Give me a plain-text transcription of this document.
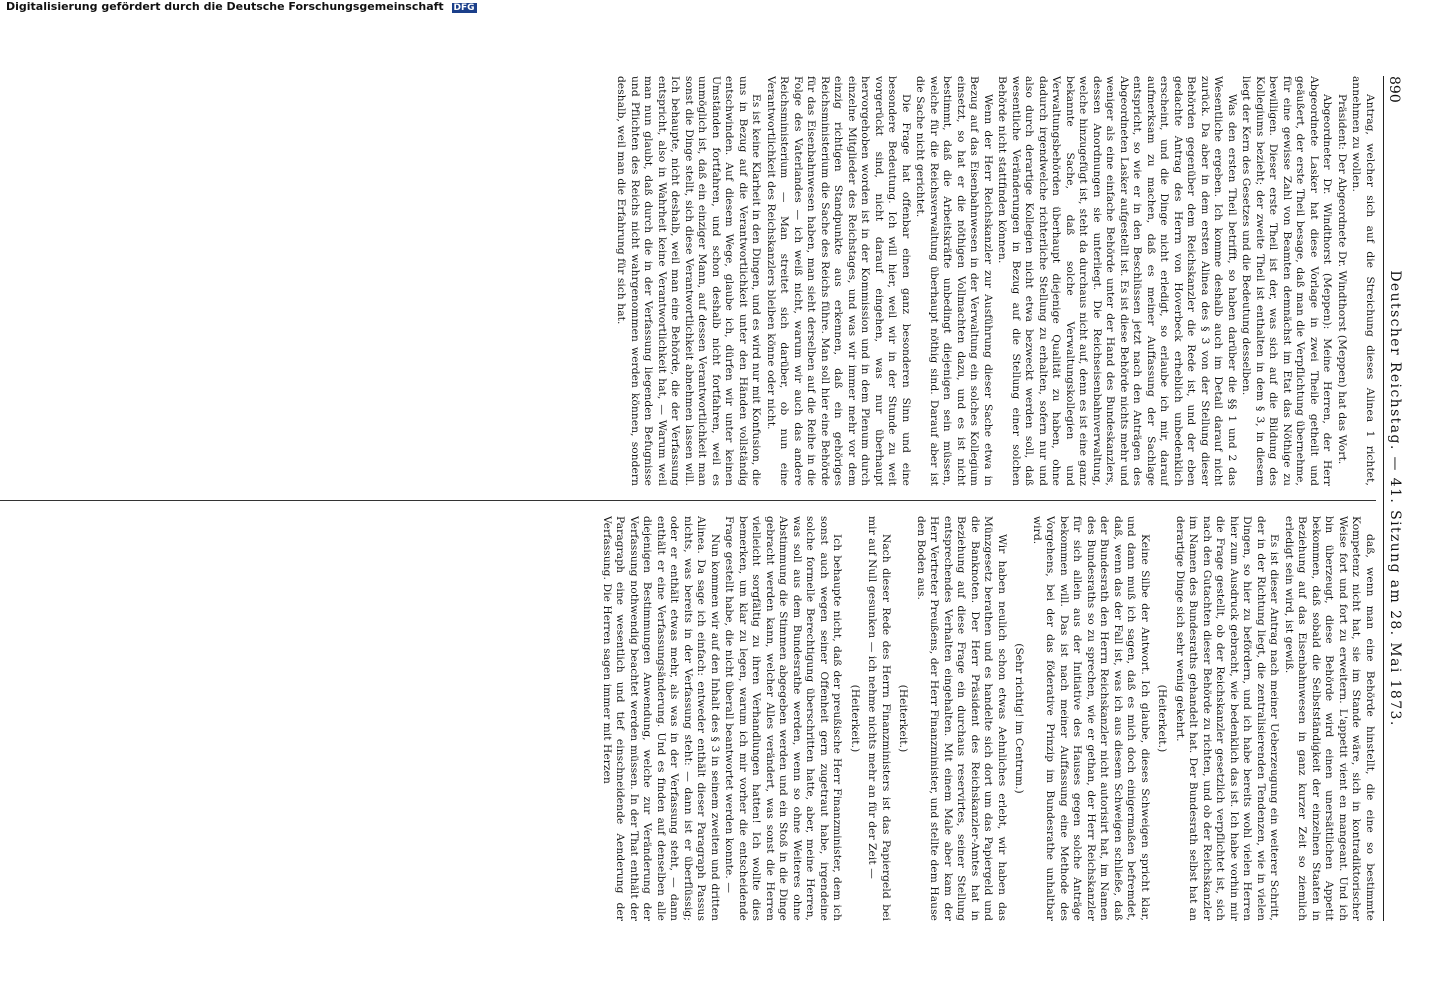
890
Deutscher Reichstag. — 41. Sitzung am 28. Mai 1873.

Antrag, welcher sich auf die Streichung dieses Alinea 1 richtet, annehmen zu wollen.

Präsident: Der Abgeordnete Dr. Windthorst (Meppen) hat das Wort.

Abgeordneter Dr. Windthorst (Meppen): Meine Herren, der Herr Abgeordnete Lasker hat diese Vorlage in zwei Theile getheilt und geäußert, der erste Theil besage, daß man die Verpflichtung übernehme, für eine gewisse Zahl von Beamten demnächst im Etat das Nöthige zu bewilligen. Dieser erste Theil ist der, was sich auf die Bildung des Kollegiums bezieht; der zweite Theil ist enthalten in dem § 3, in diesem liegt der Kern des Gesetzes und die Bedeutung desselben.

Was den ersten Theil betrifft, so haben darüber die §§ 1 und 2 das Wesentliche ergeben. Ich komme deshalb auch im Detail darauf nicht zurück. Da aber in dem ersten Alinea des § 3 von der Stellung dieser Behörden gegenüber dem Reichskanzler die Rede ist, und der eben gedachte Antrag des Herrn von Hoverbeck erheblich unbedenklich erscheint, und die Dinge nicht erledigt, so erlaube ich mir, darauf aufmerksam zu machen, daß es meiner Auffassung der Sachlage entspricht, so wie er in den Beschlüssen jetzt nach den Anträgen des Abgeordneten Lasker aufgestellt ist. Es ist diese Behörde nichts mehr und weniger als eine einfache Behörde unter der Hand des Bundeskanzlers, dessen Anordnungen sie unterliegt. Die Reichseisenbahnverwaltung, welche hinzugefügt ist, steht da durchaus nicht auf, denn es ist eine ganz bekannte Sache, daß solche Verwaltungskollegien und Verwaltungsbehörden überhaupt diejenige Qualität zu haben, ohne dadurch irgendwelche richterliche Stellung zu erhalten, sofern nur und also durch derartige Kollegien nicht etwa bezweckt werden soll, daß wesentliche Veränderungen in Bezug auf die Stellung einer solchen Behörde nicht stattfinden können.

Wenn der Herr Reichskanzler zur Ausführung dieser Sache etwa in Bezug auf das Eisenbahnwesen in der Verwaltung ein solches Kollegium einsetzt, so hat er die nöthigen Vollmachten dazu, und es ist nicht bestimmt, daß die Arbeitskräfte unbedingt diejenigen sein müssen, welche für die Reichsverwaltung überhaupt nöthig sind. Darauf aber ist die Sache nicht gerichtet.

Die Frage hat offenbar einen ganz besonderen Sinn und eine besondere Bedeutung. Ich will hier, weil wir in der Stunde zu weit vorgerückt sind, nicht darauf eingehen, was nur überhaupt hervorgehoben worden ist in der Kommission und in dem Plenum durch einzelne Mitglieder des Reichstages, und was wir immer mehr vor dem einzig richtigen Standpunkte aus erkennen, daß ein gehöriges Reichsministerium die Sache des Reichs führe. Man soll hier eine Behörde für das Eisenbahnwesen haben, man sieht derselben auf die Reihe in die Folge des Vaterlandes — ich weiß nicht, warum wir auch das andere Reichsministerium — Man streitet sich darüber, ob nun eine Verantwortlichkeit des Reichskanzlers bleiben könne oder nicht.

Es ist keine Klarheit in den Dingen, und es wird nur mit Konfusion, die uns in Bezug auf die Verantwortlichkeit unter den Händen vollständig entschwinden. Auf diesem Wege, glaube ich, dürfen wir unter keinen Umständen fortfahren, und schon deshalb nicht fortfahren, weil es unmöglich ist, daß ein einziger Mann, auf dessen Verantwortlichkeit man sonst die Dinge stellt, sich diese Verantwortlichkeit abnehmen lassen will. Ich behaupte, nicht deshalb, weil man eine Behörde, die der Verfassung entspricht, also in Wahrheit keine Verantwortlichkeit hat, — Warum weil man nun glaubt, daß durch die in der Verfassung liegenden Befugnisse und Pflichten des Reichs nicht wahrgenommen werden können, sondern deshalb, weil man die Erfahrung für sich hat.

daß, wenn man eine Behörde hinstellt, die eine so bestimmte Kompetenz nicht hat, sie im Stande wäre, sich in kontradiktorischer Weise fort und fort zu erweitern. L'appetit vient en mangeant. Und ich bin überzeugt, diese Behörde wird einen unersättlichen Appetit bekommen, daß sobald die Selbstständigkeit der einzelnen Staaten in Beziehung auf das Eisenbahnwesen in ganz kurzer Zeit so ziemlich erledigt sein wird, ist gewiß.

Es ist dieser Antrag nach meiner Ueberzeugung ein weiterer Schritt, der in der Richtung liegt, die zentralisierenden Tendenzen, wie in vielen Dingen, so hier zu befördern, und ich habe bereits wohl vielen Herren hier zum Ausdruck gebracht, wie bedenklich das ist. Ich habe vorhin mir die Frage gestellt, ob der Reichskanzler gesetzlich verpflichtet ist, sich nach den Gutachten dieser Behörde zu richten, und ob der Reichskanzler im Namen des Bundesraths gehandelt hat. Der Bundesrath selbst hat an derartige Dinge sich sehr wenig gekehrt.

(Heiterkeit.)

Keine Silbe der Antwort. Ich glaube, dieses Schweigen spricht klar, und dann muß ich sagen, daß es mich doch einigermaßen befremdet, daß, wenn das der Fall ist, was ich aus diesem Schweigen schließe, daß der Bundesrath den Herrn Reichskanzler nicht autorisirt hat, im Namen des Bundesraths so zu sprechen, wie er gethan, der Herr Reichskanzler für sich allein aus der Initiative des Hauses gegen solche Anträge bekommen will. Das ist nach meiner Auffassung eine Methode des Vorgehens, bei der das föderative Prinzip im Bundesrathe unhaltbar wird.

(Sehr richtig! im Centrum.)

Wir haben neulich schon etwas Aehnliches erlebt, wir haben das Münzgesetz berathen und es handelte sich dort um das Papiergeld und die Banknoten. Der Herr Präsident des Reichskanzler-Amtes hat in Beziehung auf diese Frage ein durchaus reservirtes, seiner Stellung entsprechendes Verhalten eingehalten. Mit einem Male aber kam der Herr Vertreter Preußens, der Herr Finanzminister, und stellte dem Hause den Boden aus.

(Heiterkeit.)

Nach dieser Rede des Herrn Finanzministers ist das Papiergeld bei mir auf Null gesunken — ich nehme nichts mehr an für der Zeit —

(Heiterkeit.)

Ich behaupte nicht, daß der preußische Herr Finanzminister, dem ich sonst auch wegen seiner Offenheit gern zugetraut habe, irgendeine solche formelle Berechtigung überschritten hatte, aber, meine Herren, was soll aus dem Bundesrathe werden, wenn so ohne Weiteres ohne Abstimmung die Stimmen abgegeben werden und ein Stoß in die Dinge gebracht werden kann, welcher Alles verändert, was sonst die Herren vielleicht sorgfältig zu ihren Verhandlungen hatten! Ich wollte dies bemerken, um klar zu legen, warum ich mir vorher die entscheidende Frage gestellt habe, die nicht überall beantwortet werden konnte. —

Nun kommen wir auf den Inhalt des § 3 in seinem zweiten und dritten Alinea. Da sage ich einfach: entweder enthält dieser Paragraph Passus nichts, was bereits in der Verfassung steht: — dann ist er überflüssig; oder er enthält etwas mehr, als was in der Verfassung steht, — dann enthält er eine Verfassungsänderung. Und es finden auf denselben alle diejenigen Bestimmungen Anwendung, welche zur Veränderung der Verfassung nothwendig beachtet werden müssen. In der That enthält der Paragraph eine wesentlich und tief einschneidende Aenderung der Verfassung. Die Herren sagen immer mit Herzen

Digitalisierung gefördert durch die Deutsche Forschungsgemeinschaft DFG
